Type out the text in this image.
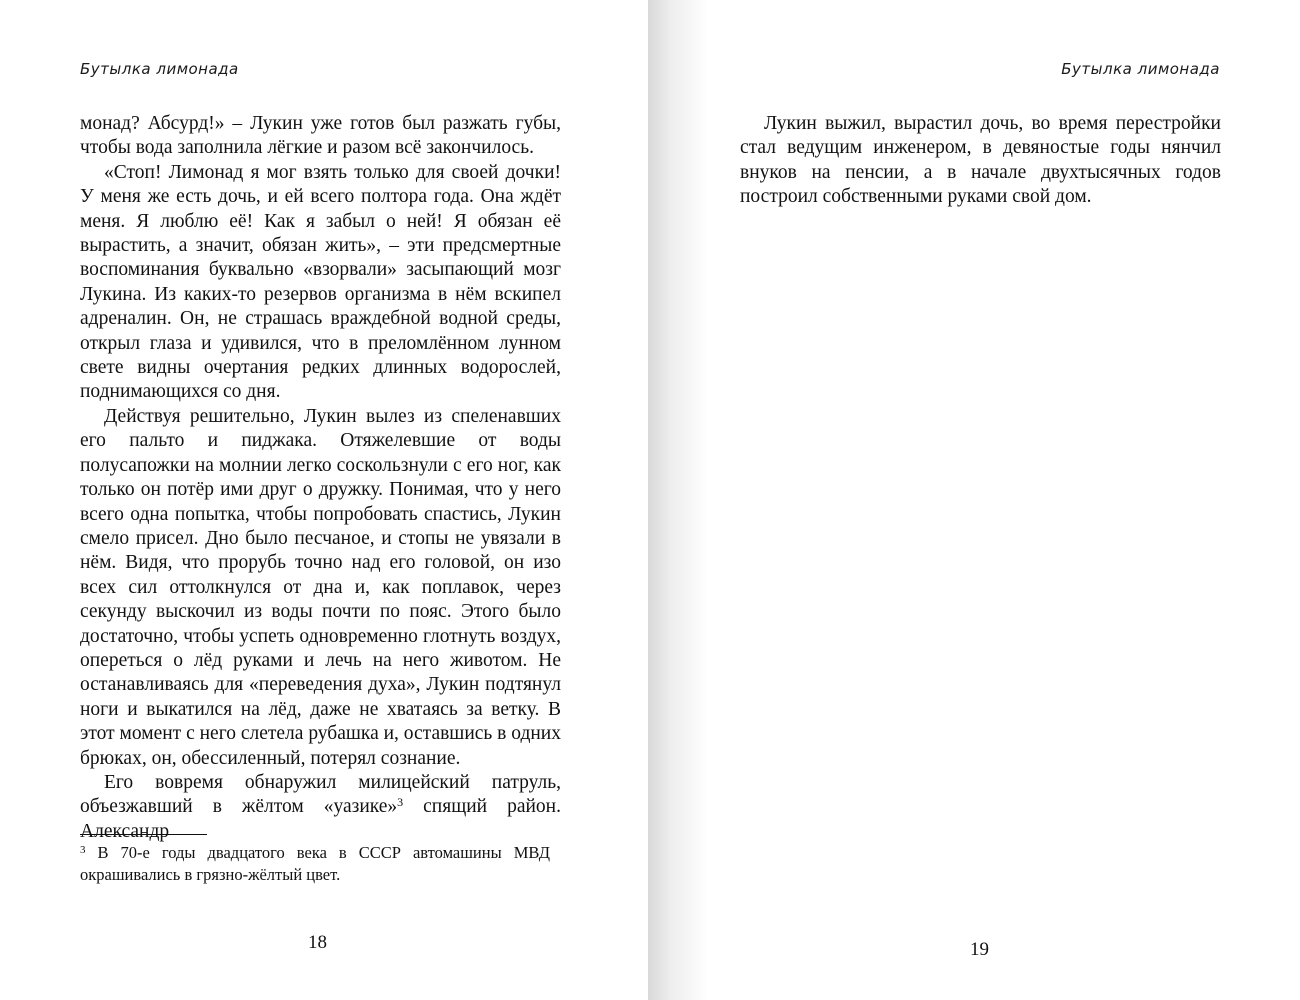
Бутылка лимонада

монад? Абсурд!» – Лукин уже готов был разжать губы, чтобы вода заполнила лёгкие и разом всё закончилось.

«Стоп! Лимонад я мог взять только для своей дочки! У меня же есть дочь, и ей всего полтора года. Она ждёт меня. Я люблю её! Как я забыл о ней! Я обязан её вырастить, а значит, обязан жить», – эти предсмертные воспоминания буквально «взорвали» засыпающий мозг Лукина. Из каких-то резервов организма в нём вскипел адреналин. Он, не страшась враждебной водной среды, открыл глаза и удивился, что в преломлённом лунном свете видны очертания редких длинных водорослей, поднимающихся со дня.

Действуя решительно, Лукин вылез из спеленавших его пальто и пиджака. Отяжелевшие от воды полусапожки на молнии легко соскользнули с его ног, как только он потёр ими друг о дружку. Понимая, что у него всего одна попытка, чтобы попробовать спастись, Лукин смело присел. Дно было песчаное, и стопы не увязали в нём. Видя, что прорубь точно над его головой, он изо всех сил оттолкнулся от дна и, как поплавок, через секунду выскочил из воды почти по пояс. Этого было достаточно, чтобы успеть одновременно глотнуть воздух, опереться о лёд руками и лечь на него животом. Не останавливаясь для «переведения духа», Лукин подтянул ноги и выкатился на лёд, даже не хватаясь за ветку. В этот момент с него слетела рубашка и, оставшись в одних брюках, он, обессиленный, потерял сознание.

Его вовремя обнаружил милицейский патруль, объезжавший в жёлтом «уазике»$^3$ спящий район. Александр

$^3$ В 70-е годы двадцатого века в СССР автомашины МВД окрашивались в грязно-жёлтый цвет.
18
Бутылка лимонада

Лукин выжил, вырастил дочь, во время перестройки стал ведущим инженером, в девяностые годы нянчил внуков на пенсии, а в начале двухтысячных годов построил собственными руками свой дом.

19
